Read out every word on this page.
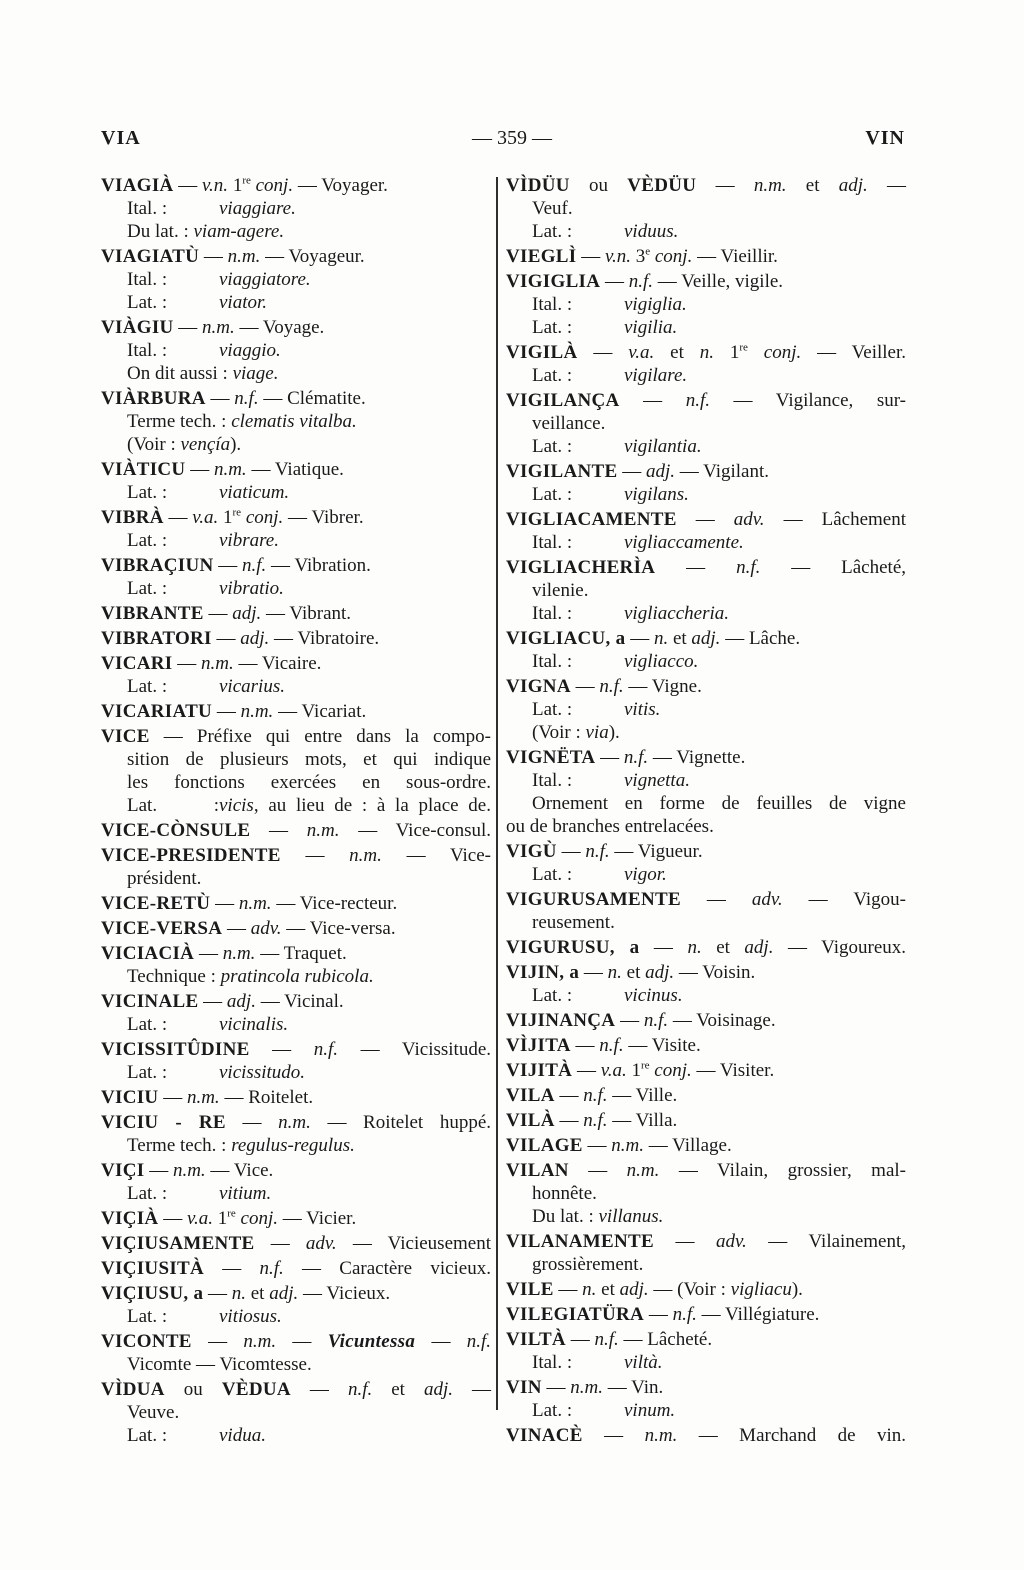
VIA	— 359 —	VIN
VIAGIÀ — v.n. 1re conj. — Voyager.
Ital. :	viaggiare.
Du lat. : viam-agere.
VIAGIATÙ — n.m. — Voyageur.
Ital. :	viaggiatore.
Lat. :	viator.
VIÀGIU — n.m. — Voyage.
Ital. :	viaggio.
On dit aussi : viage.
VIÀRBURA — n.f. — Clématite.
Terme tech. : clematis vitalba.
(Voir : vençía).
VIÀTICU — n.m. — Viatique.
Lat. :	viaticum.
VIBRÀ — v.a. 1re conj. — Vibrer.
Lat. :	vibrare.
VIBRAÇIUN — n.f. — Vibration.
Lat. :	vibratio.
VIBRANTE — adj. — Vibrant.
VIBRATORI — adj. — Vibratoire.
VICARI — n.m. — Vicaire.
Lat. :	vicarius.
VICARIATU — n.m. — Vicariat.
VICE — Préfixe qui entre dans la compo-
sition de plusieurs mots, et qui indique
les fonctions exercées en sous-ordre.
Lat. :vicis, au lieu de : à la place de.
VICE-CÒNSULE — n.m. — Vice-consul.
VICE-PRESIDENTE — n.m. — Vice-
président.
VICE-RETÙ — n.m. — Vice-recteur.
VICE-VERSA — adv. — Vice-versa.
VICIACIÀ — n.m. — Traquet.
Technique : pratincola rubicola.
VICINALE — adj. — Vicinal.
Lat. :	vicinalis.
VICISSITÛDINE — n.f. — Vicissitude.
Lat. :	vicissitudo.
VICIU — n.m. — Roitelet.
VICIU - RE — n.m. — Roitelet huppé.
Terme tech. : regulus-regulus.
VIÇI — n.m. — Vice.
Lat. :	vitium.
VIÇIÀ — v.a. 1re conj. — Vicier.
VIÇIUSAMENTE — adv. — Vicieusement
VIÇIUSITÀ — n.f. — Caractère vicieux.
VIÇIUSU, a — n. et adj. — Vicieux.
Lat. :	vitiosus.
VICONTE — n.m. — Vicuntessa — n.f.
Vicomte — Vicomtesse.
VÌDUA ou VÈDUA — n.f. et adj. —
Veuve.
Lat. :	vidua.
VÌDÜU ou VÈDÜU — n.m. et adj. —
Veuf.
Lat. :	viduus.
VIEGLÌ — v.n. 3e conj. — Vieillir.
VIGIGLIA — n.f. — Veille, vigile.
Ital. :	vigiglia.
Lat. :	vigilia.
VIGILÀ — v.a. et n. 1re conj. — Veiller.
Lat. :	vigilare.
VIGILANÇA — n.f. — Vigilance, sur-
veillance.
Lat. :	vigilantia.
VIGILANTE — adj. — Vigilant.
Lat. :	vigilans.
VIGLIACAMENTE — adv. — Lâchement
Ital. :	vigliaccamente.
VIGLIACHERÌA — n.f. — Lâcheté,
vilenie.
Ital. :	vigliaccheria.
VIGLIACU, a — n. et adj. — Lâche.
Ital. :	vigliacco.
VIGNA — n.f. — Vigne.
Lat. :	vitis.
(Voir : via).
VIGNËTA — n.f. — Vignette.
Ital. :	vignetta.
Ornement en forme de feuilles de vigne
ou de branches entrelacées.
VIGÙ — n.f. — Vigueur.
Lat. :	vigor.
VIGURUSAMENTE — adv. — Vigou-
reusement.
VIGURUSU, a — n. et adj. — Vigoureux.
VIJIN, a — n. et adj. — Voisin.
Lat. :	vicinus.
VIJINANÇA — n.f. — Voisinage.
VÌJITA — n.f. — Visite.
VIJITÀ — v.a. 1re conj. — Visiter.
VILA — n.f. — Ville.
VILÀ — n.f. — Villa.
VILAGE — n.m. — Village.
VILAN — n.m. — Vilain, grossier, mal-
honnête.
Du lat. : villanus.
VILANAMENTE — adv. — Vilainement,
grossièrement.
VILE — n. et adj. — (Voir : vigliacu).
VILEGIATÜRA — n.f. — Villégiature.
VILTÀ — n.f. — Lâcheté.
Ital. :	viltà.
VIN — n.m. — Vin.
Lat. :	vinum.
VINACÈ — n.m. — Marchand de vin.
